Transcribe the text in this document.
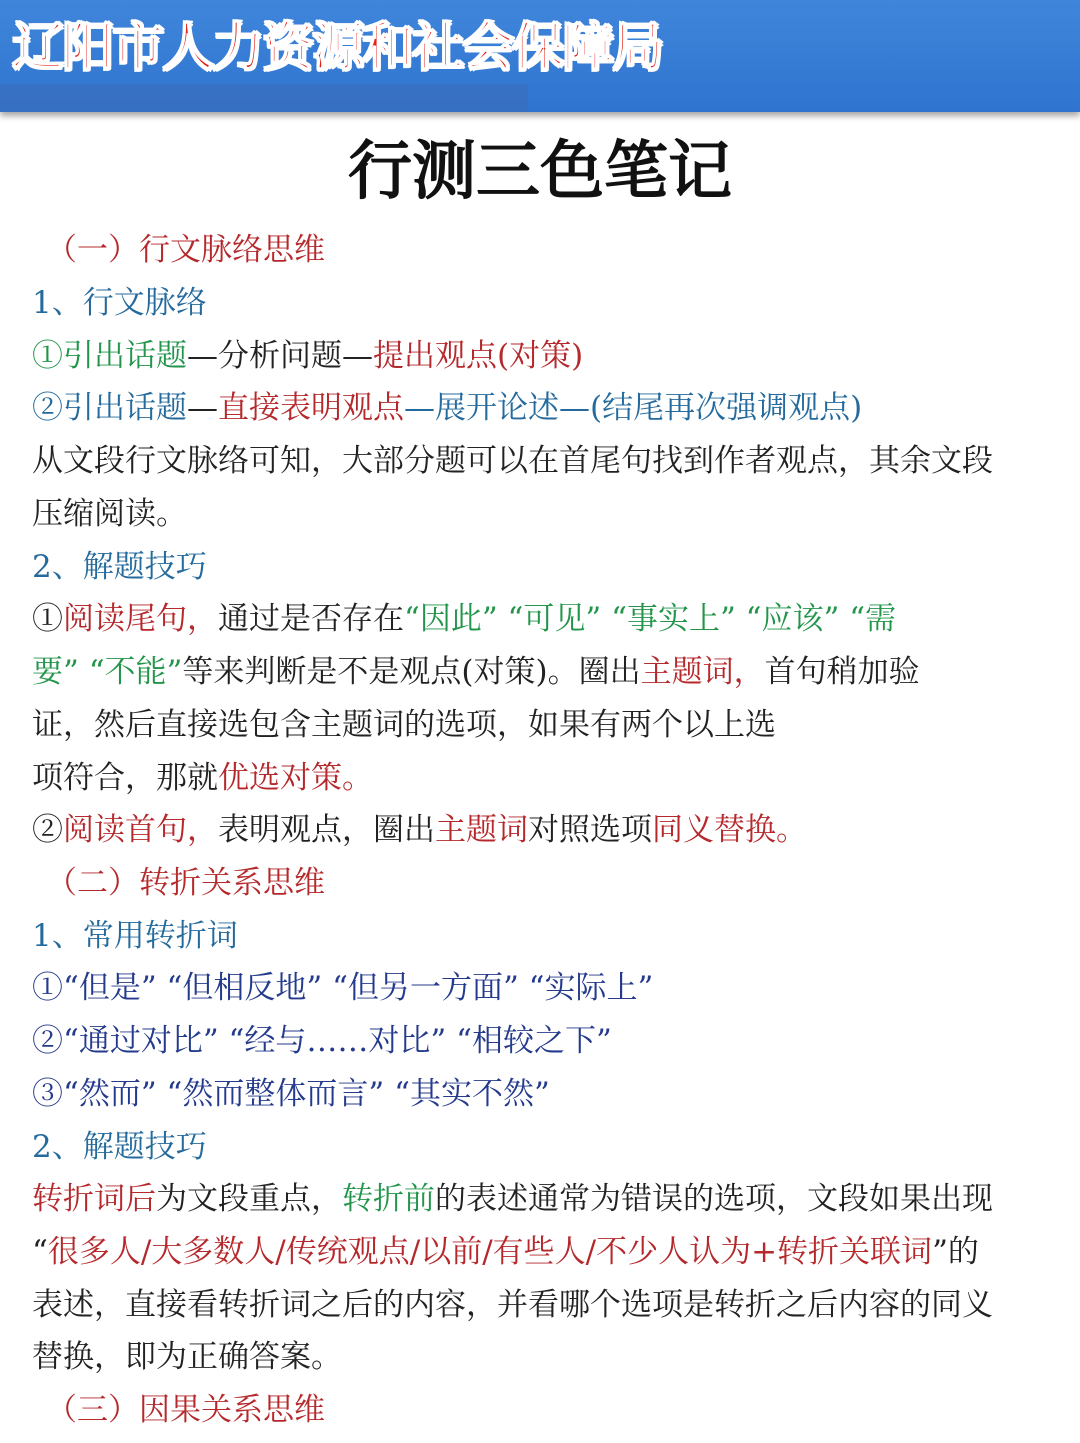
辽阳市人力资源和社会保障局
行测三色笔记
（一）行文脉络思维
1、行文脉络
①引出话题—分析问题—提出观点(对策)
②引出话题—直接表明观点—展开论述—(结尾再次强调观点)
从文段行文脉络可知，大部分题可以在首尾句找到作者观点，其余文段
压缩阅读。
2、解题技巧
①阅读尾句，通过是否存在“因此” “可见” “事实上” “应该” “需
要” “不能”等来判断是不是观点(对策)。圈出主题词，首句稍加验
证，然后直接选包含主题词的选项，如果有两个以上选
项符合，那就优选对策。
②阅读首句，表明观点，圈出主题词对照选项同义替换。
（二）转折关系思维
1、常用转折词
①“但是” “但相反地” “但另一方面” “实际上”
②“通过对比” “经与……对比” “相较之下”
③“然而” “然而整体而言” “其实不然”
2、解题技巧
转折词后为文段重点，转折前的表述通常为错误的选项，文段如果出现
“很多人/大多数人/传统观点/以前/有些人/不少人认为+转折关联词”的
表述，直接看转折词之后的内容，并看哪个选项是转折之后内容的同义
替换，即为正确答案。
（三）因果关系思维
